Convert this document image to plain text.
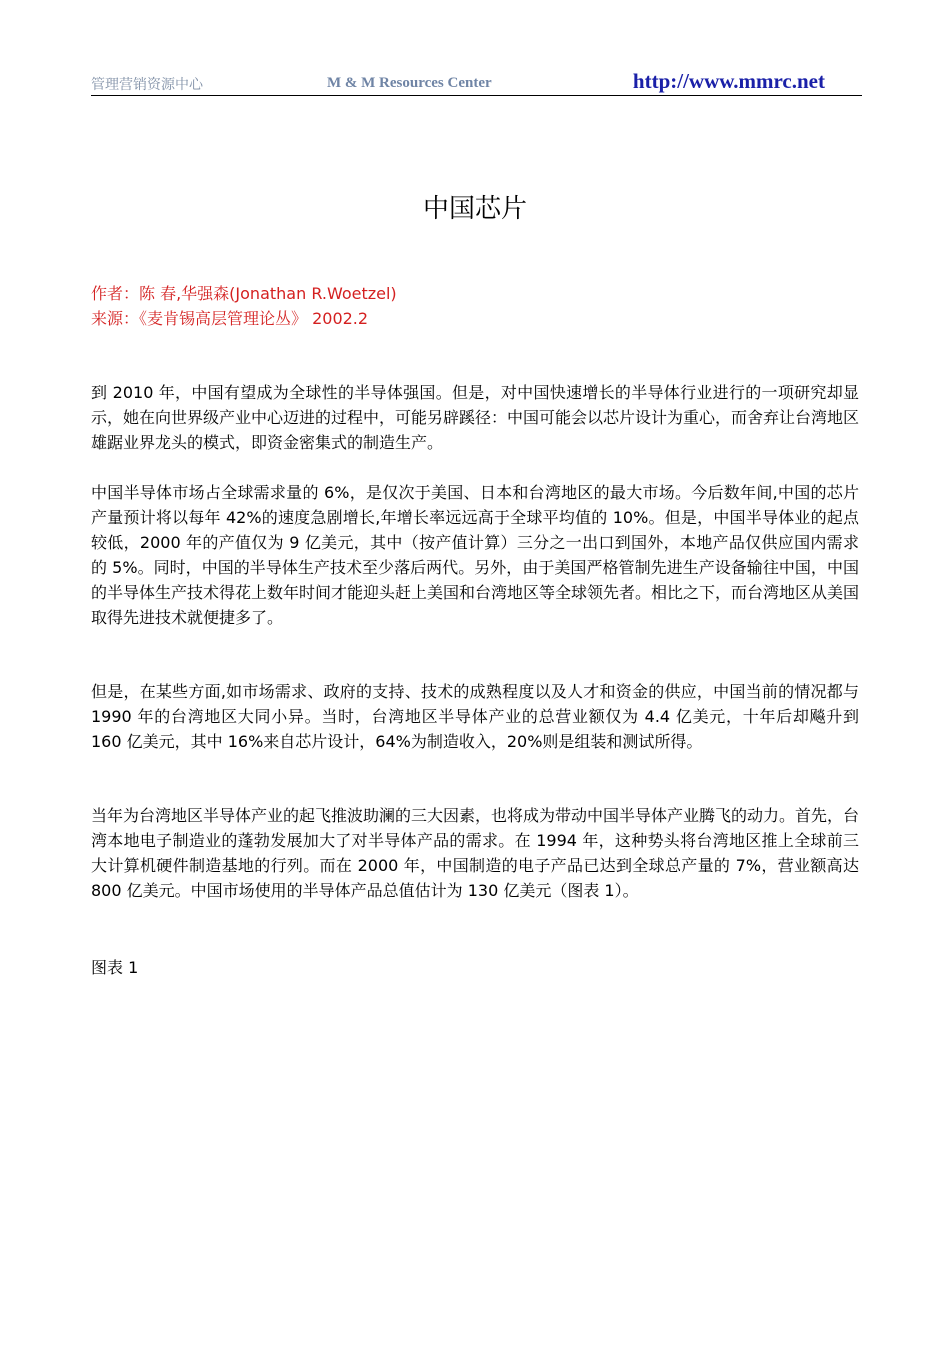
管理营销资源中心	M & M Resources Center	http://www.mmrc.net
中国芯片
作者：陈 春,华强森(Jonathan R.Woetzel)
来源：《麦肯锡高层管理论丛》 2002.2

到 2010 年，中国有望成为全球性的半导体强国。但是，对中国快速增长的半导体行业进行的一项研究却显示，她在向世界级产业中心迈进的过程中，可能另辟蹊径：中国可能会以芯片设计为重心，而舍弃让台湾地区雄踞业界龙头的模式，即资金密集式的制造生产。

中国半导体市场占全球需求量的 6%，是仅次于美国、日本和台湾地区的最大市场。今后数年间,中国的芯片产量预计将以每年 42%的速度急剧增长,年增长率远远高于全球平均值的 10%。但是，中国半导体业的起点较低，2000 年的产值仅为 9 亿美元，其中（按产值计算）三分之一出口到国外，本地产品仅供应国内需求的 5%。同时，中国的半导体生产技术至少落后两代。另外，由于美国严格管制先进生产设备输往中国，中国的半导体生产技术得花上数年时间才能迎头赶上美国和台湾地区等全球领先者。相比之下，而台湾地区从美国取得先进技术就便捷多了。

但是，在某些方面,如市场需求、政府的支持、技术的成熟程度以及人才和资金的供应，中国当前的情况都与 1990 年的台湾地区大同小异。当时，台湾地区半导体产业的总营业额仅为 4.4 亿美元，十年后却飚升到 160 亿美元，其中 16%来自芯片设计，64%为制造收入，20%则是组装和测试所得。

当年为台湾地区半导体产业的起飞推波助澜的三大因素，也将成为带动中国半导体产业腾飞的动力。首先，台湾本地电子制造业的蓬勃发展加大了对半导体产品的需求。在 1994 年，这种势头将台湾地区推上全球前三大计算机硬件制造基地的行列。而在 2000 年，中国制造的电子产品已达到全球总产量的 7%，营业额高达 800 亿美元。中国市场使用的半导体产品总值估计为 130 亿美元（图表 1）。

图表 1
